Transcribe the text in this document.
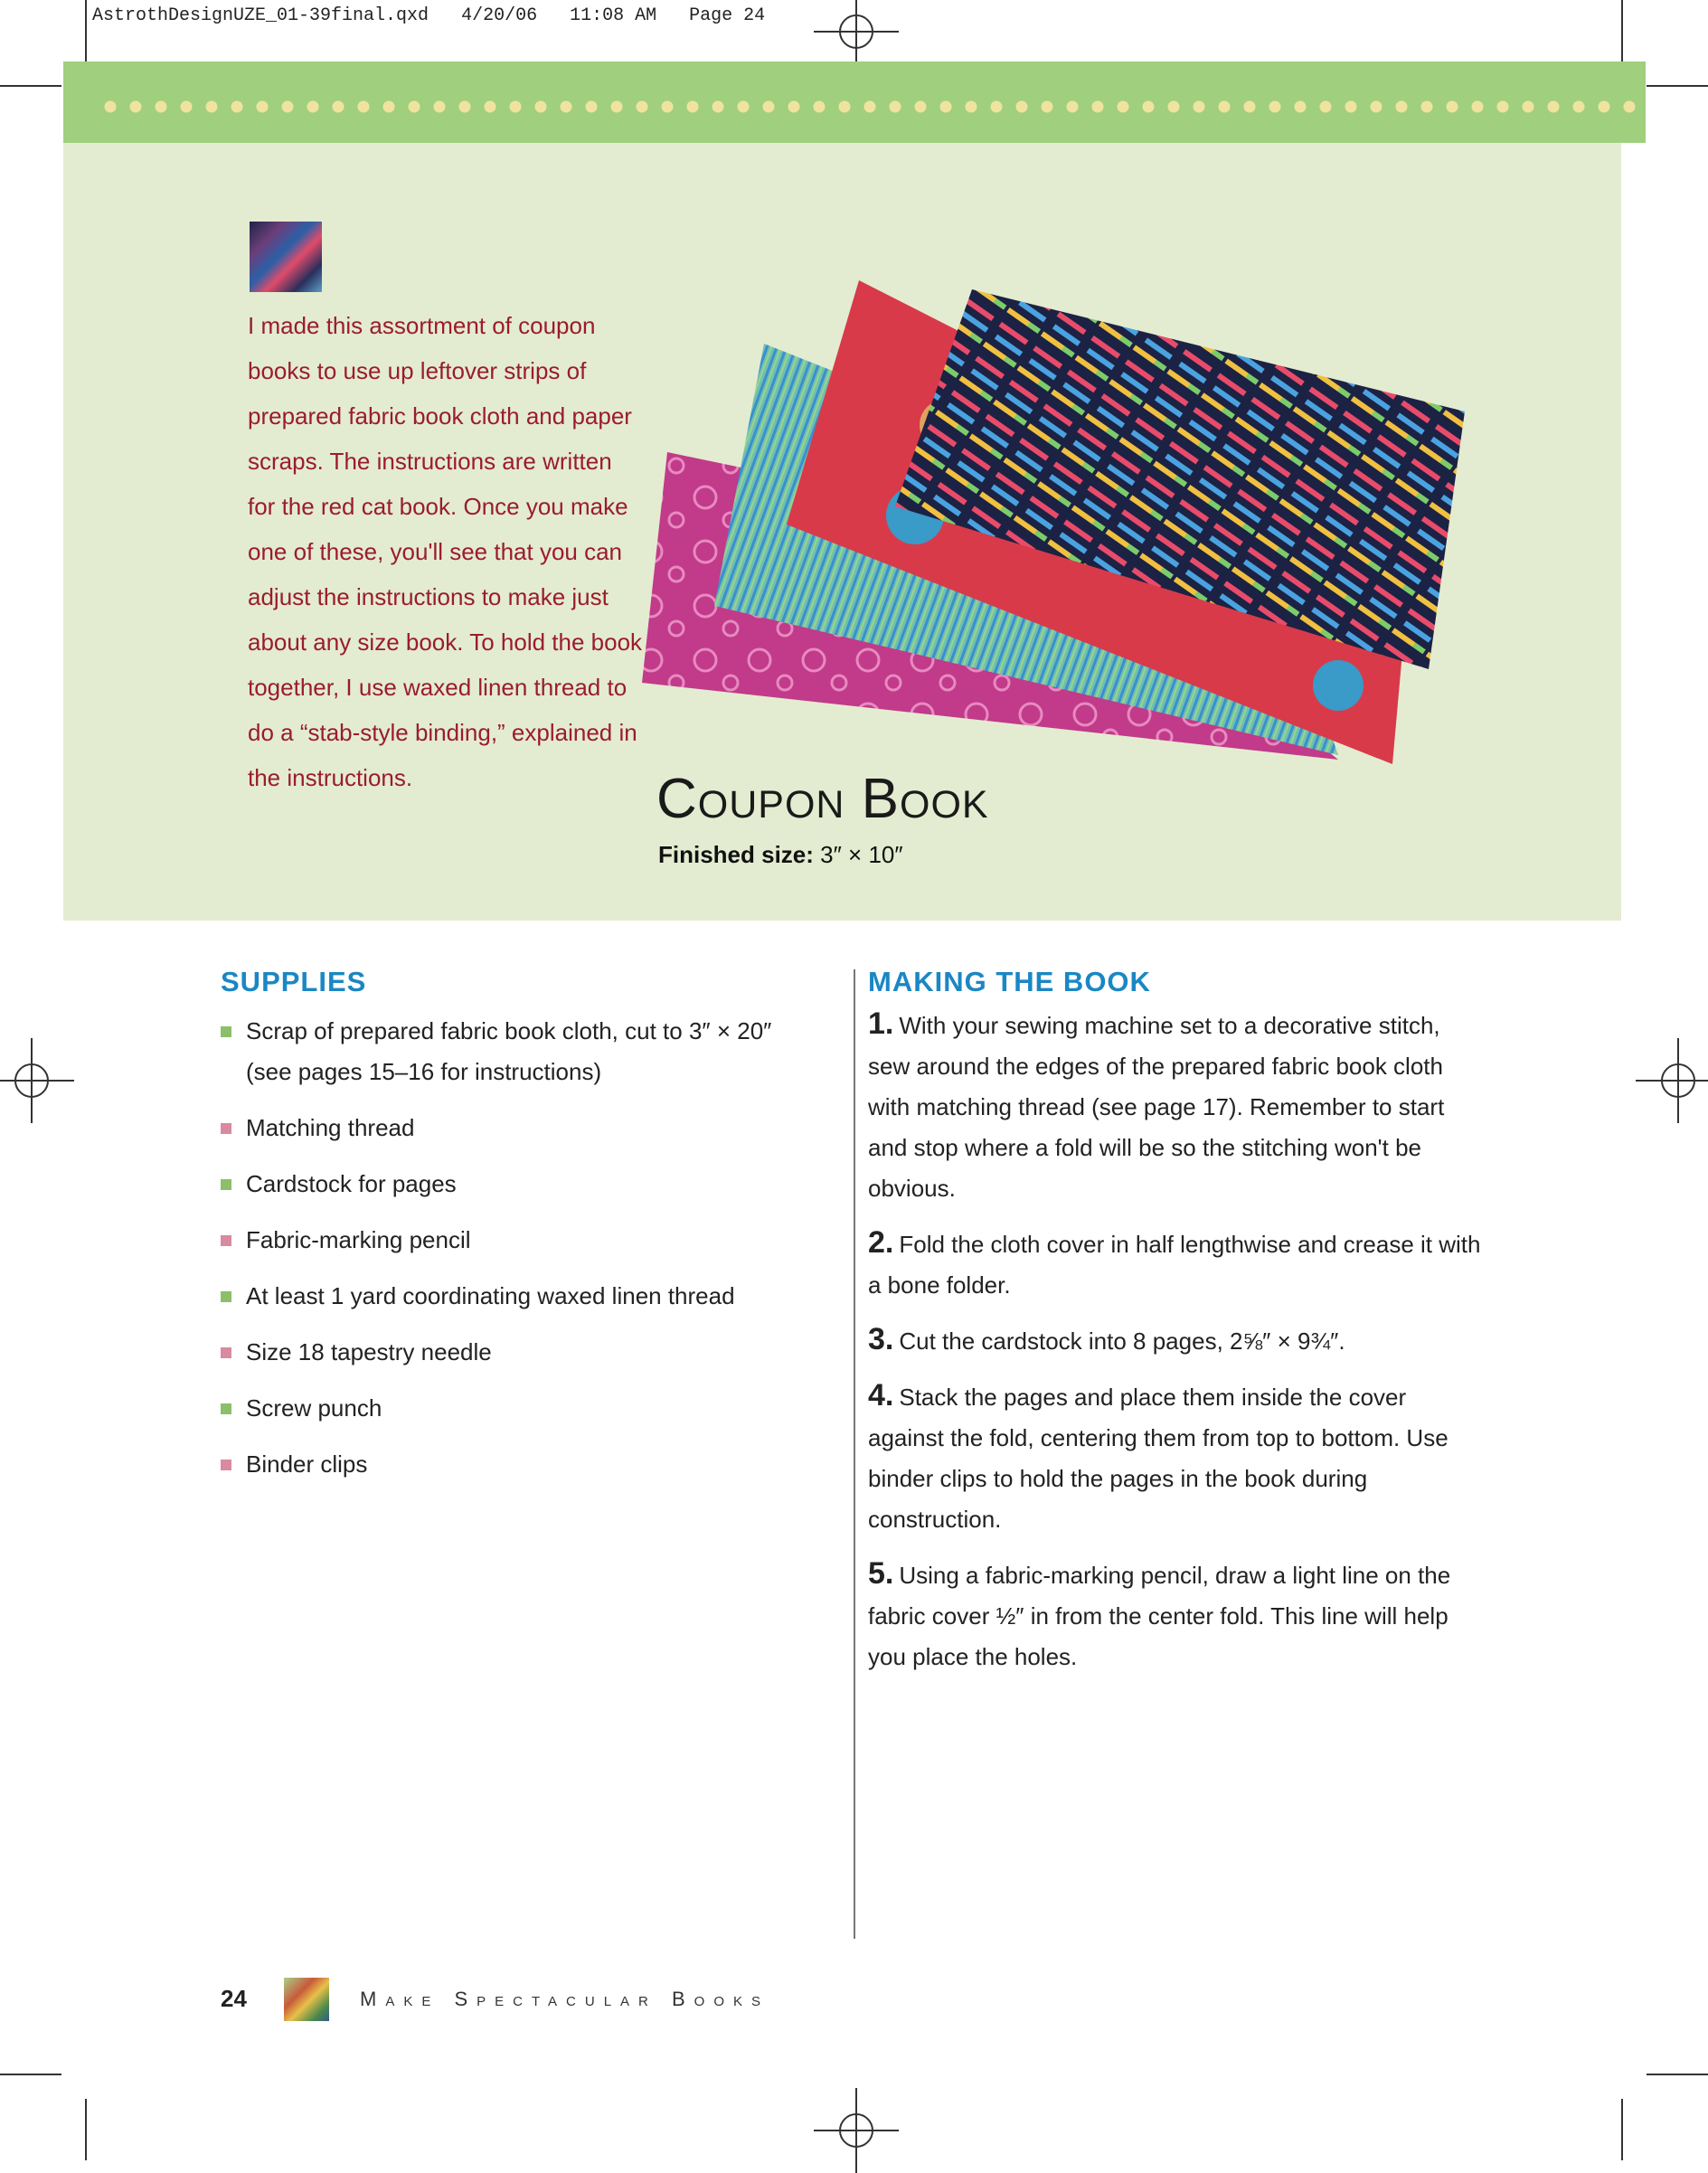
AstrothDesignUZE_01-39final.qxd   4/20/06   11:08 AM   Page 24
I made this assortment of coupon books to use up leftover strips of prepared fabric book cloth and paper scraps. The instructions are written for the red cat book. Once you make one of these, you'll see that you can adjust the instructions to make just about any size book. To hold the book together, I use waxed linen thread to do a “stab-style binding,” explained in the instructions.	Coupon Book
Finished size: 3″ × 10″
SUPPLIES
Scrap of prepared fabric book cloth, cut to 3″ × 20″ (see pages 15–16 for instructions)
Matching thread
Cardstock for pages
Fabric-marking pencil
At least 1 yard coordinating waxed linen thread
Size 18 tapestry needle
Screw punch
Binder clips
MAKING THE BOOK
1. With your sewing machine set to a decorative stitch, sew around the edges of the prepared fabric book cloth with matching thread (see page 17). Remember to start and stop where a fold will be so the stitching won't be obvious.
2. Fold the cloth cover in half lengthwise and crease it with a bone folder.
3. Cut the cardstock into 8 pages, 2⅝″ × 9¾″.
4. Stack the pages and place them inside the cover against the fold, centering them from top to bottom. Use binder clips to hold the pages in the book during construction.
5. Using a fabric-marking pencil, draw a light line on the fabric cover ½″ in from the center fold. This line will help you place the holes.
24	Make Spectacular Books
